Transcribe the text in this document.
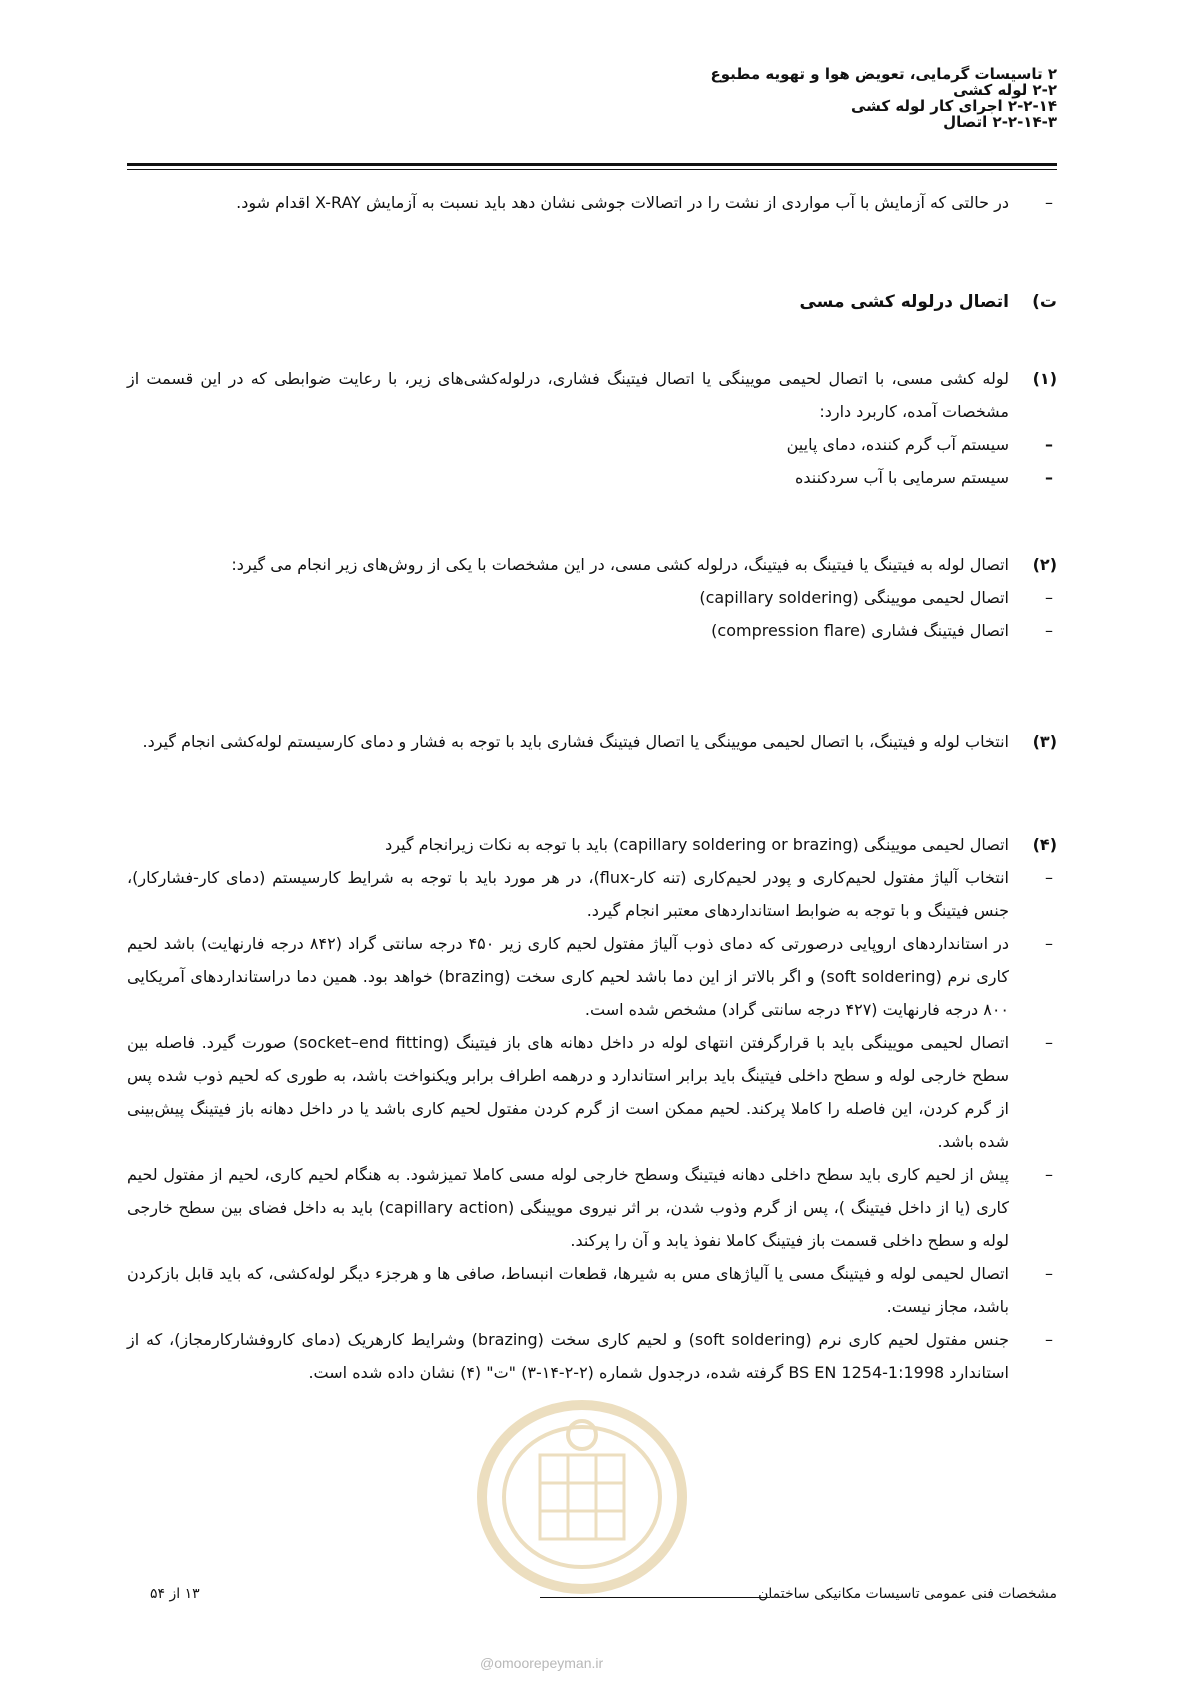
۲ تاسیسات گرمایی، تعویض هوا و تهویه مطبوع
۲-۲ لوله کشی
۲-۲-۱۴ اجرای کار لوله کشی
۲-۲-۱۴-۳ اتصال
–
در حالتی که آزمایش با آب مواردی از نشت را در اتصالات جوشی نشان دهد باید نسبت به آزمایش X-RAY اقدام شود.
ت)
اتصال درلوله کشی مسی
(۱)
لوله کشی مسی، با اتصال لحیمی مویینگی یا اتصال فیتینگ فشاری، درلوله‌کشی‌های زیر، با رعایت ضوابطی که در این قسمت از مشخصات آمده، کاربرد دارد:
–
سیستم آب گرم کننده، دمای پایین
–
سیستم سرمایی با آب سردکننده
(۲)
اتصال لوله به فیتینگ یا فیتینگ به فیتینگ، درلوله کشی مسی، در این مشخصات با یکی از روش‌های زیر انجام می گیرد:
–
اتصال لحیمی مویینگی (capillary soldering)
–
اتصال فیتینگ فشاری (compression flare)
(۳)
انتخاب لوله و فیتینگ، با اتصال لحیمی مویینگی یا اتصال فیتینگ فشاری باید با توجه به فشار و دمای کارسیستم لوله‌کشی انجام گیرد.
(۴)
اتصال لحیمی مویینگی (capillary soldering or brazing) باید با توجه به نکات زیرانجام گیرد
–
انتخاب آلیاژ مفتول لحیم‌کاری و پودر لحیم‌کاری (تنه کار-flux)، در هر مورد باید با توجه به شرایط کارسیستم (دمای کار-فشارکار)، جنس فیتینگ و با توجه به ضوابط استانداردهای معتبر انجام گیرد.
–
در استانداردهای اروپایی درصورتی که دمای ذوب آلیاژ مفتول لحیم کاری زیر ۴۵۰ درجه سانتی گراد (۸۴۲ درجه فارنهایت) باشد لحیم کاری نرم (soft soldering) و اگر بالاتر از این دما باشد لحیم کاری سخت (brazing) خواهد بود. همین دما دراستانداردهای آمریکایی ۸۰۰ درجه فارنهایت (۴۲۷ درجه سانتی گراد) مشخص شده است.
–
اتصال لحیمی مویینگی باید با قرارگرفتن انتهای لوله در داخل دهانه های باز فیتینگ (socket–end fitting) صورت گیرد. فاصله بین سطح خارجی لوله و سطح داخلی فیتینگ باید برابر استاندارد و درهمه اطراف برابر ویکنواخت باشد، به طوری که لحیم ذوب شده پس از گرم کردن، این فاصله را کاملا پرکند. لحیم ممکن است از گرم کردن مفتول لحیم کاری باشد یا در داخل دهانه باز فیتینگ پیش‌بینی شده باشد.
–
پیش از لحیم کاری باید سطح داخلی دهانه فیتینگ وسطح خارجی لوله مسی کاملا تمیزشود. به هنگام لحیم کاری، لحیم از مفتول لحیم کاری (یا از داخل فیتینگ )، پس از گرم وذوب شدن، بر اثر نیروی مویینگی (capillary action) باید به داخل فضای بین سطح خارجی لوله و سطح داخلی قسمت باز فیتینگ کاملا نفوذ یابد و آن را پرکند.
–
اتصال لحیمی لوله و فیتینگ مسی یا آلیاژهای مس به شیرها، قطعات انبساط، صافی ها و هرجزء دیگر لوله‌کشی، که باید قابل بازکردن باشد، مجاز نیست.
–
جنس مفتول لحیم کاری نرم (soft soldering) و لحیم کاری سخت (brazing) وشرایط کارهریک (دمای کاروفشارکارمجاز)، که از استاندارد BS EN 1254-1:1998 گرفته شده، درجدول شماره (۲-۲-۱۴-۳) "ت" (۴) نشان داده شده است.
مشخصات فنی عمومی تاسیسات مکانیکی ساختمان
۱۳ از ۵۴
@omoorepeyman.ir
